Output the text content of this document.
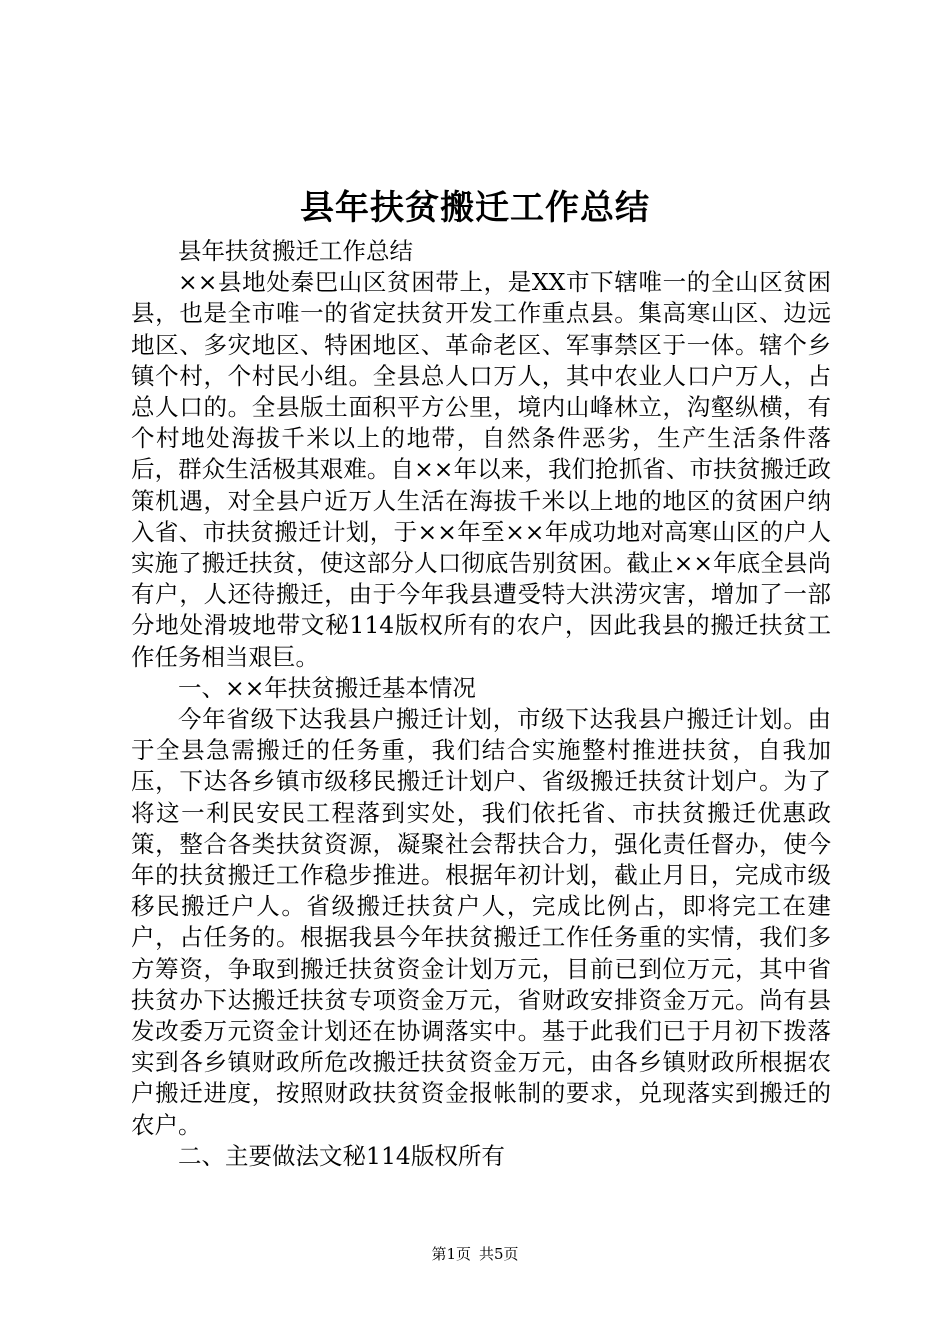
县年扶贫搬迁工作总结

县年扶贫搬迁工作总结

××县地处秦巴山区贫困带上，是XX市下辖唯一的全山区贫困县，也是全市唯一的省定扶贫开发工作重点县。集高寒山区、边远地区、多灾地区、特困地区、革命老区、军事禁区于一体。辖个乡镇个村，个村民小组。全县总人口万人，其中农业人口户万人，占总人口的。全县版土面积平方公里，境内山峰林立，沟壑纵横，有个村地处海拔千米以上的地带，自然条件恶劣，生产生活条件落后，群众生活极其艰难。自××年以来，我们抢抓省、市扶贫搬迁政策机遇，对全县户近万人生活在海拔千米以上地的地区的贫困户纳入省、市扶贫搬迁计划，于××年至××年成功地对高寒山区的户人实施了搬迁扶贫，使这部分人口彻底告别贫困。截止××年底全县尚有户，人还待搬迁，由于今年我县遭受特大洪涝灾害，增加了一部分地处滑坡地带文秘114版权所有的农户，因此我县的搬迁扶贫工作任务相当艰巨。

一、××年扶贫搬迁基本情况

今年省级下达我县户搬迁计划，市级下达我县户搬迁计划。由于全县急需搬迁的任务重，我们结合实施整村推进扶贫，自我加压，下达各乡镇市级移民搬迁计划户、省级搬迁扶贫计划户。为了将这一利民安民工程落到实处，我们依托省、市扶贫搬迁优惠政策，整合各类扶贫资源，凝聚社会帮扶合力，强化责任督办，使今年的扶贫搬迁工作稳步推进。根据年初计划，截止月日，完成市级移民搬迁户人。省级搬迁扶贫户人，完成比例占，即将完工在建户，占任务的。根据我县今年扶贫搬迁工作任务重的实情，我们多方筹资，争取到搬迁扶贫资金计划万元，目前已到位万元，其中省扶贫办下达搬迁扶贫专项资金万元，省财政安排资金万元。尚有县发改委万元资金计划还在协调落实中。基于此我们已于月初下拨落实到各乡镇财政所危改搬迁扶贫资金万元，由各乡镇财政所根据农户搬迁进度，按照财政扶贫资金报帐制的要求，兑现落实到搬迁的农户。

二、主要做法文秘114版权所有

第1页 共5页
